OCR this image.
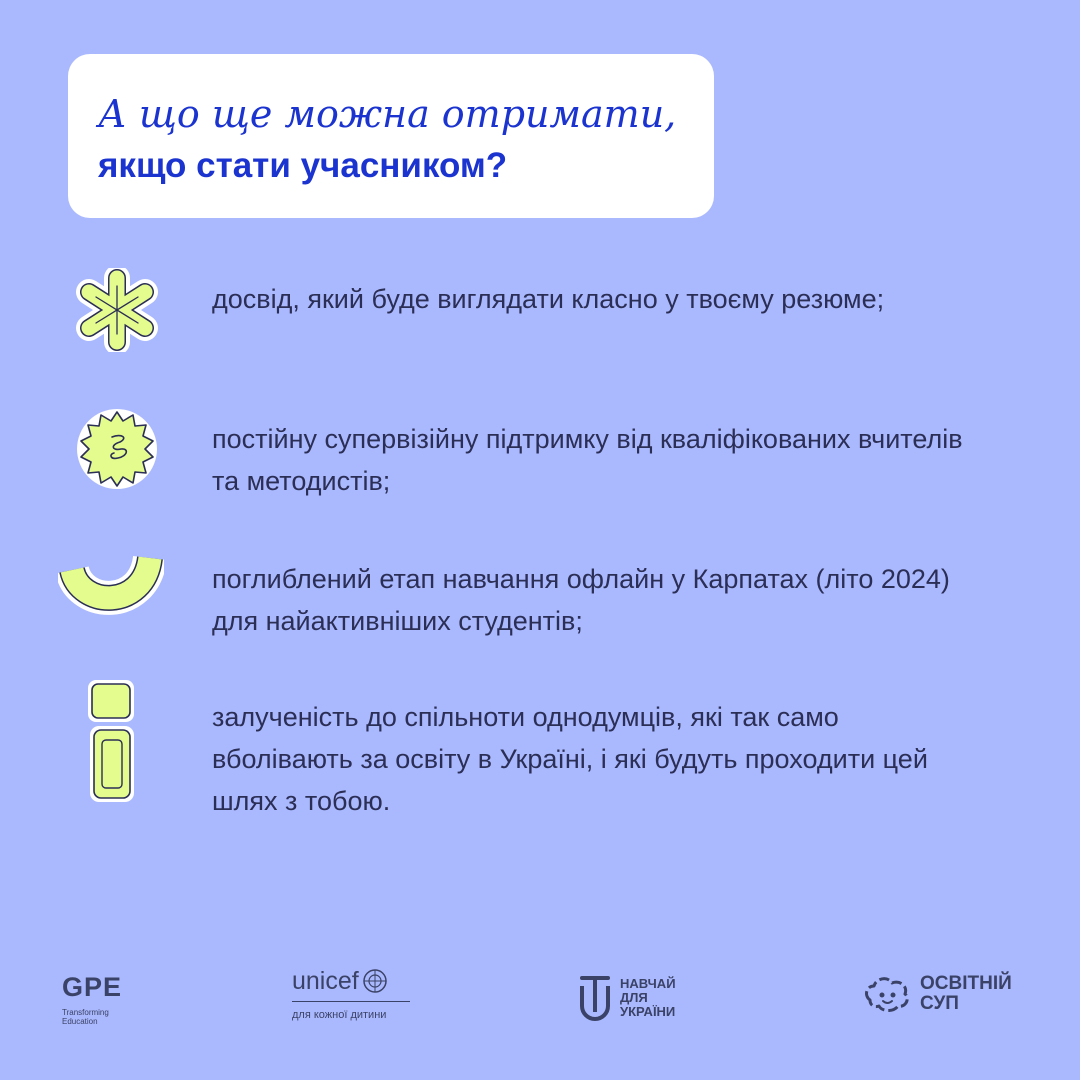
А що ще можна отримати,
якщо стати учасником?
досвід, який буде виглядати класно у твоєму резюме;
постійну супервізійну підтримку від кваліфікованих вчителів та методистів;
поглиблений етап навчання офлайн у Карпатах (літо 2024) для найактивніших студентів;
залученість до спільноти однодумців, які так само вболівають за освіту в Україні, і які будуть проходити цей шлях з тобою.
GPE
Transforming
Education
unicef
для кожної дитини
НАВЧАЙ
ДЛЯ
УКРАЇНИ
ОСВІТНІЙ
СУП
